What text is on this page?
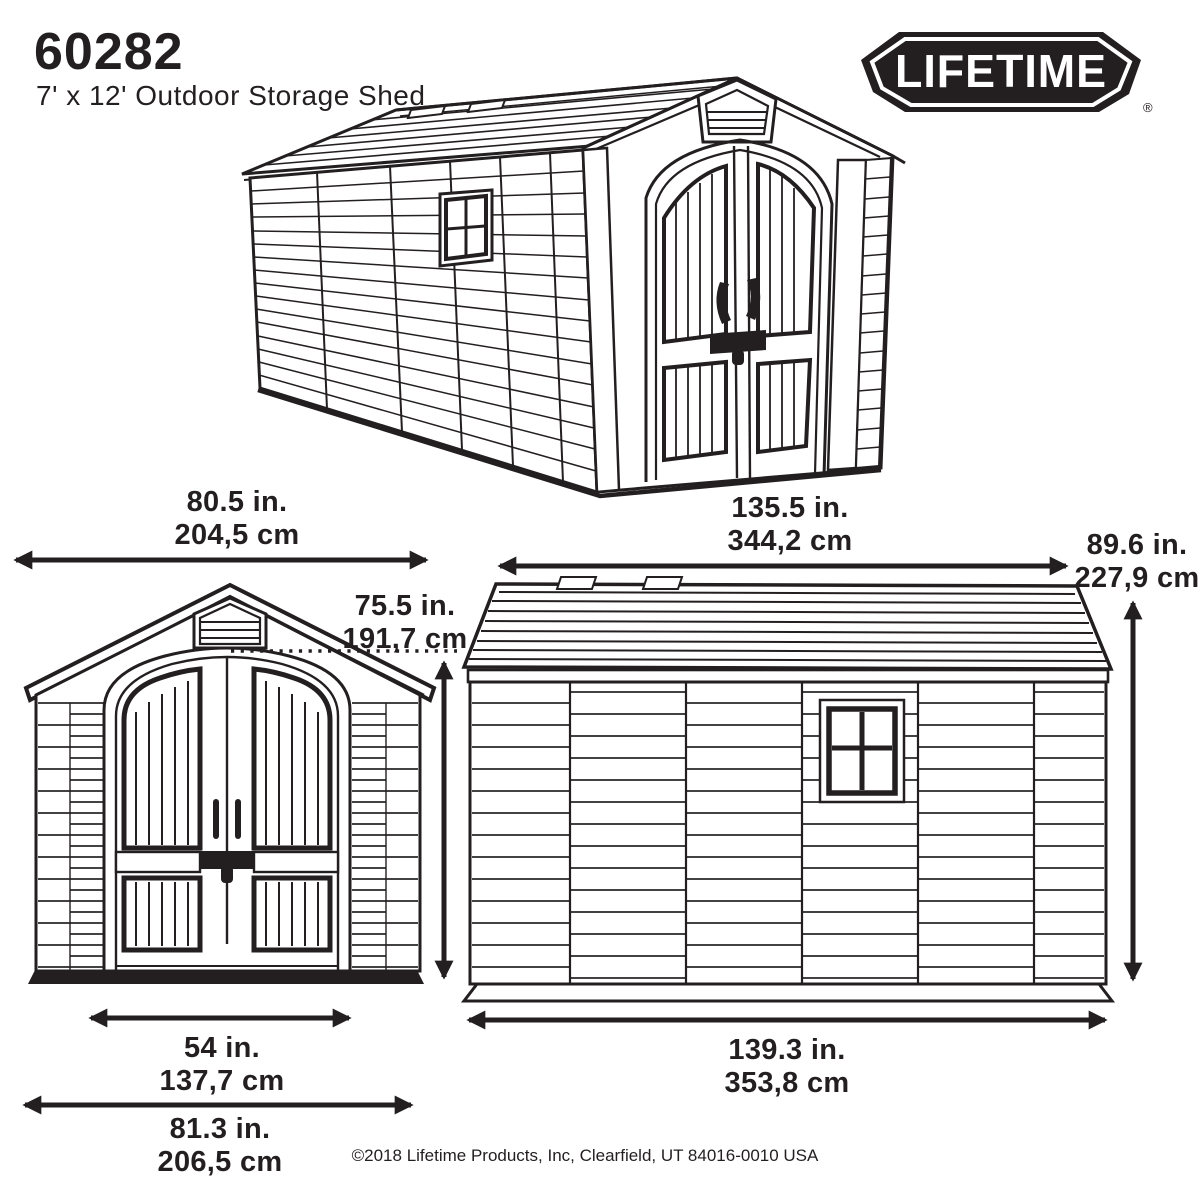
60282
7' x 12' Outdoor Storage Shed	LIFETIME
®
80.5 in.
204,5 cm
135.5 in.
344,2 cm	89.6 in.
227,9 cm
75.5 in.
191,7 cm
54 in.
137,7 cm
81.3 in.
206,5 cm
139.3 in.
353,8 cm
©2018 Lifetime Products, Inc, Clearfield, UT 84016-0010 USA
